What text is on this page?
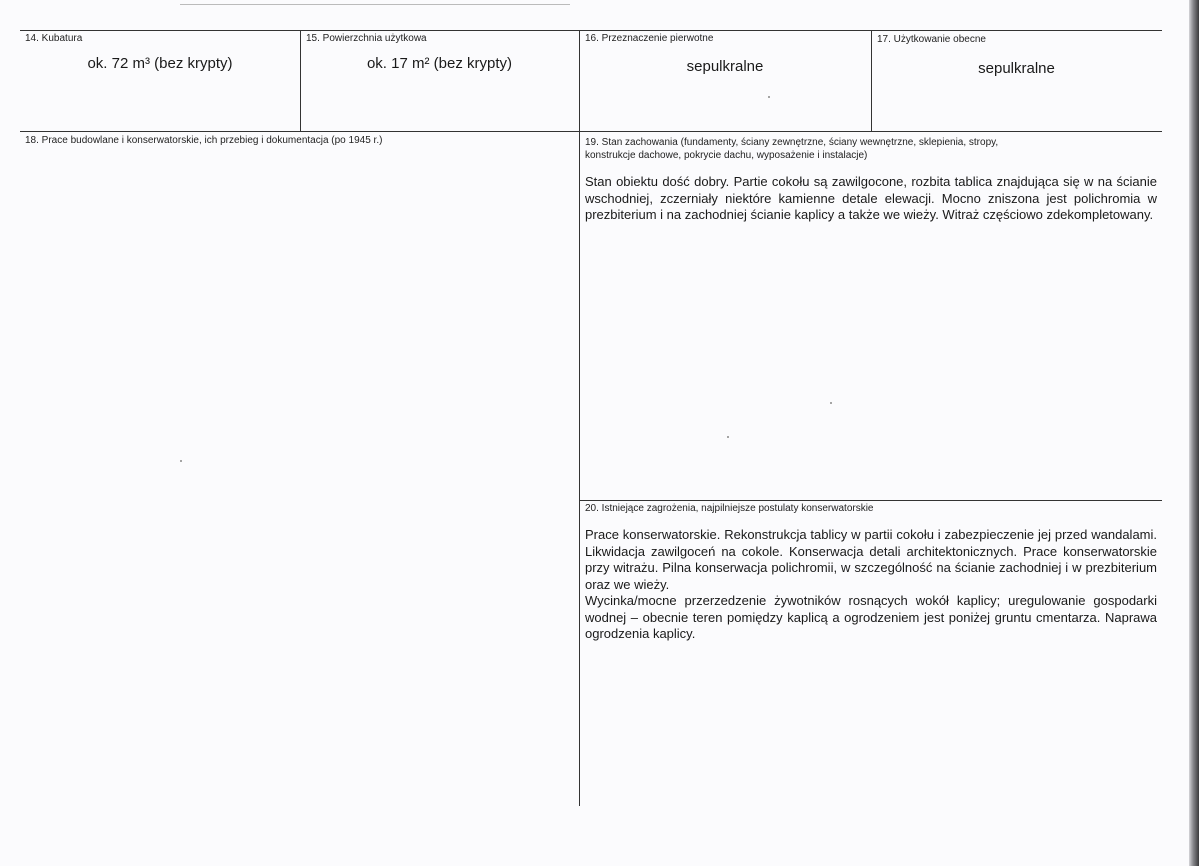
14. Kubatura
ok. 72 m³ (bez krypty)
15. Powierzchnia użytkowa
ok. 17 m² (bez krypty)
16. Przeznaczenie pierwotne
sepulkralne
17. Użytkowanie obecne
sepulkralne
18. Prace budowlane i konserwatorskie, ich przebieg i dokumentacja (po 1945 r.)	19. Stan zachowania (fundamenty, ściany zewnętrzne, ściany wewnętrzne, sklepienia, stropy,
konstrukcje dachowe, pokrycie dachu, wyposażenie i instalacje)

Stan obiektu dość dobry. Partie cokołu są zawilgocone, rozbita tablica znajdująca się w na ścianie wschodniej, zczerniały niektóre kamienne detale elewacji. Mocno zniszona jest polichromia w prezbiterium i na zachodniej ścianie kaplicy a także we wieży. Witraż częściowo zdekompletowany.

20. Istniejące zagrożenia, najpilniejsze postulaty konserwatorskie

Prace konserwatorskie. Rekonstrukcja tablicy w partii cokołu i zabezpieczenie jej przed wandalami. Likwidacja zawilgoceń na cokole. Konserwacja detali architektonicznych. Prace konserwatorskie przy witrażu. Pilna konserwacja polichromii, w szczególność na ścianie zachodniej i w prezbiterium oraz we wieży.

Wycinka/mocne przerzedzenie żywotników rosnących wokół kaplicy; uregulowanie gospodarki wodnej – obecnie teren pomiędzy kaplicą a ogrodzeniem jest poniżej gruntu cmentarza. Naprawa ogrodzenia kaplicy.
